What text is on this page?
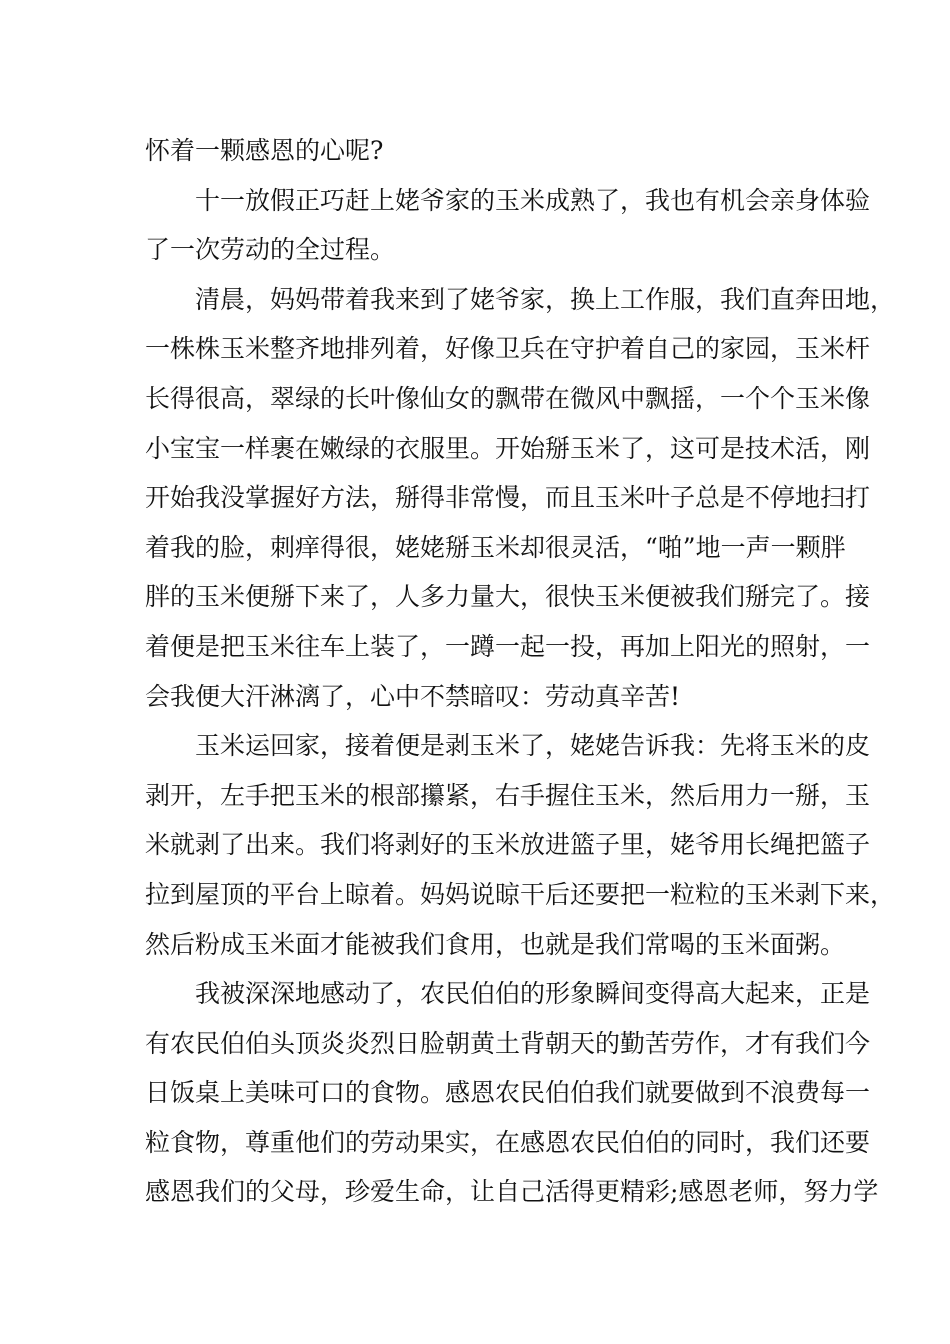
怀着一颗感恩的心呢?
十一放假正巧赶上姥爷家的玉米成熟了，我也有机会亲身体验
了一次劳动的全过程。
清晨，妈妈带着我来到了姥爷家，换上工作服，我们直奔田地，
一株株玉米整齐地排列着，好像卫兵在守护着自己的家园，玉米杆
长得很高，翠绿的长叶像仙女的飘带在微风中飘摇，一个个玉米像
小宝宝一样裹在嫩绿的衣服里。开始掰玉米了，这可是技术活，刚
开始我没掌握好方法，掰得非常慢，而且玉米叶子总是不停地扫打
着我的脸，刺痒得很，姥姥掰玉米却很灵活，“啪”地一声一颗胖
胖的玉米便掰下来了，人多力量大，很快玉米便被我们掰完了。接
着便是把玉米往车上装了，一蹲一起一投，再加上阳光的照射，一
会我便大汗淋漓了，心中不禁暗叹：劳动真辛苦!
玉米运回家，接着便是剥玉米了，姥姥告诉我：先将玉米的皮
剥开，左手把玉米的根部攥紧，右手握住玉米，然后用力一掰，玉
米就剥了出来。我们将剥好的玉米放进篮子里，姥爷用长绳把篮子
拉到屋顶的平台上晾着。妈妈说晾干后还要把一粒粒的玉米剥下来，
然后粉成玉米面才能被我们食用，也就是我们常喝的玉米面粥。
我被深深地感动了，农民伯伯的形象瞬间变得高大起来，正是
有农民伯伯头顶炎炎烈日脸朝黄土背朝天的勤苦劳作，才有我们今
日饭桌上美味可口的食物。感恩农民伯伯我们就要做到不浪费每一
粒食物，尊重他们的劳动果实，在感恩农民伯伯的同时，我们还要
感恩我们的父母，珍爱生命，让自己活得更精彩;感恩老师，努力学
